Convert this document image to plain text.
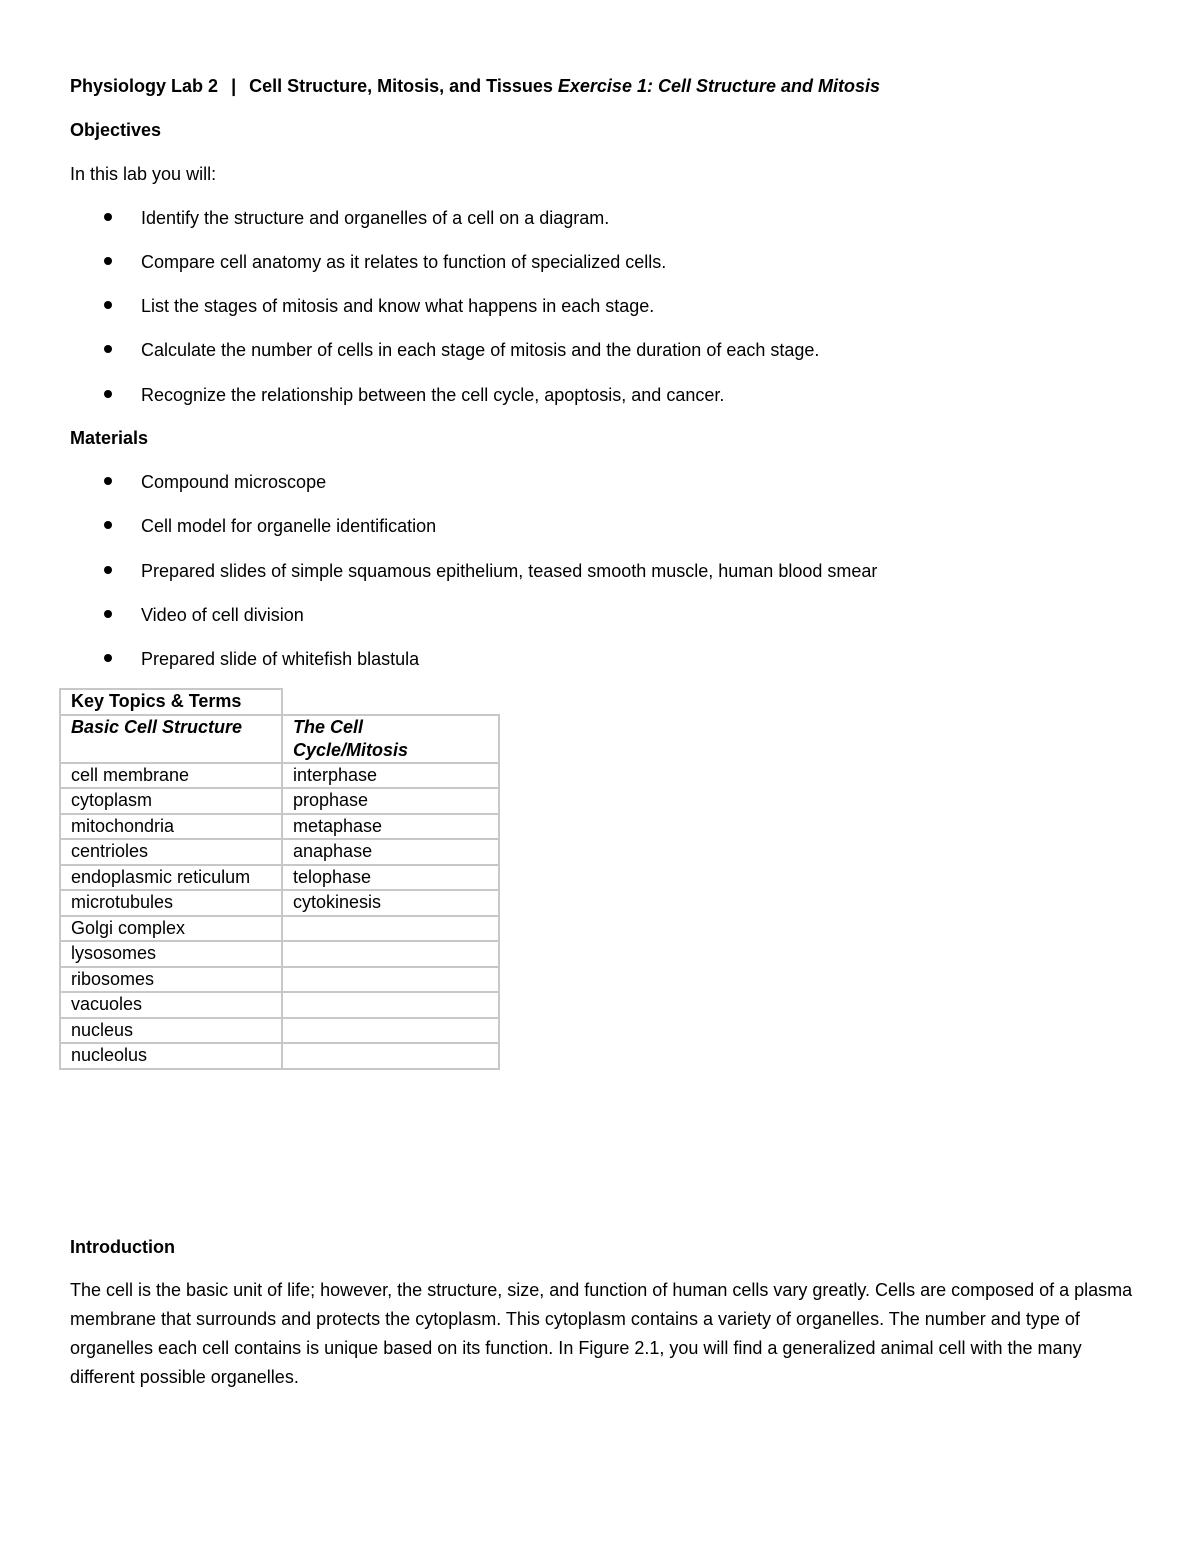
Physiology Lab 2 | Cell Structure, Mitosis, and Tissues Exercise 1: Cell Structure and Mitosis
Objectives
In this lab you will:
Identify the structure and organelles of a cell on a diagram.
Compare cell anatomy as it relates to function of specialized cells.
List the stages of mitosis and know what happens in each stage.
Calculate the number of cells in each stage of mitosis and the duration of each stage.
Recognize the relationship between the cell cycle, apoptosis, and cancer.
Materials
Compound microscope
Cell model for organelle identification
Prepared slides of simple squamous epithelium, teased smooth muscle, human blood smear
Video of cell division
Prepared slide of whitefish blastula
Key Topics & Terms	
Basic Cell Structure	The Cell
Cycle/Mitosis
cell membrane	interphase
cytoplasm	prophase
mitochondria	metaphase
centrioles	anaphase
endoplasmic reticulum	telophase
microtubules	cytokinesis
Golgi complex	
lysosomes	
ribosomes	
vacuoles	
nucleus	
nucleolus	
Introduction
The cell is the basic unit of life; however, the structure, size, and function of human cells vary greatly. Cells are composed of a plasma membrane that surrounds and protects the cytoplasm. This cytoplasm contains a variety of organelles. The number and type of organelles each cell contains is unique based on its function. In Figure 2.1, you will find a generalized animal cell with the many different possible organelles.
